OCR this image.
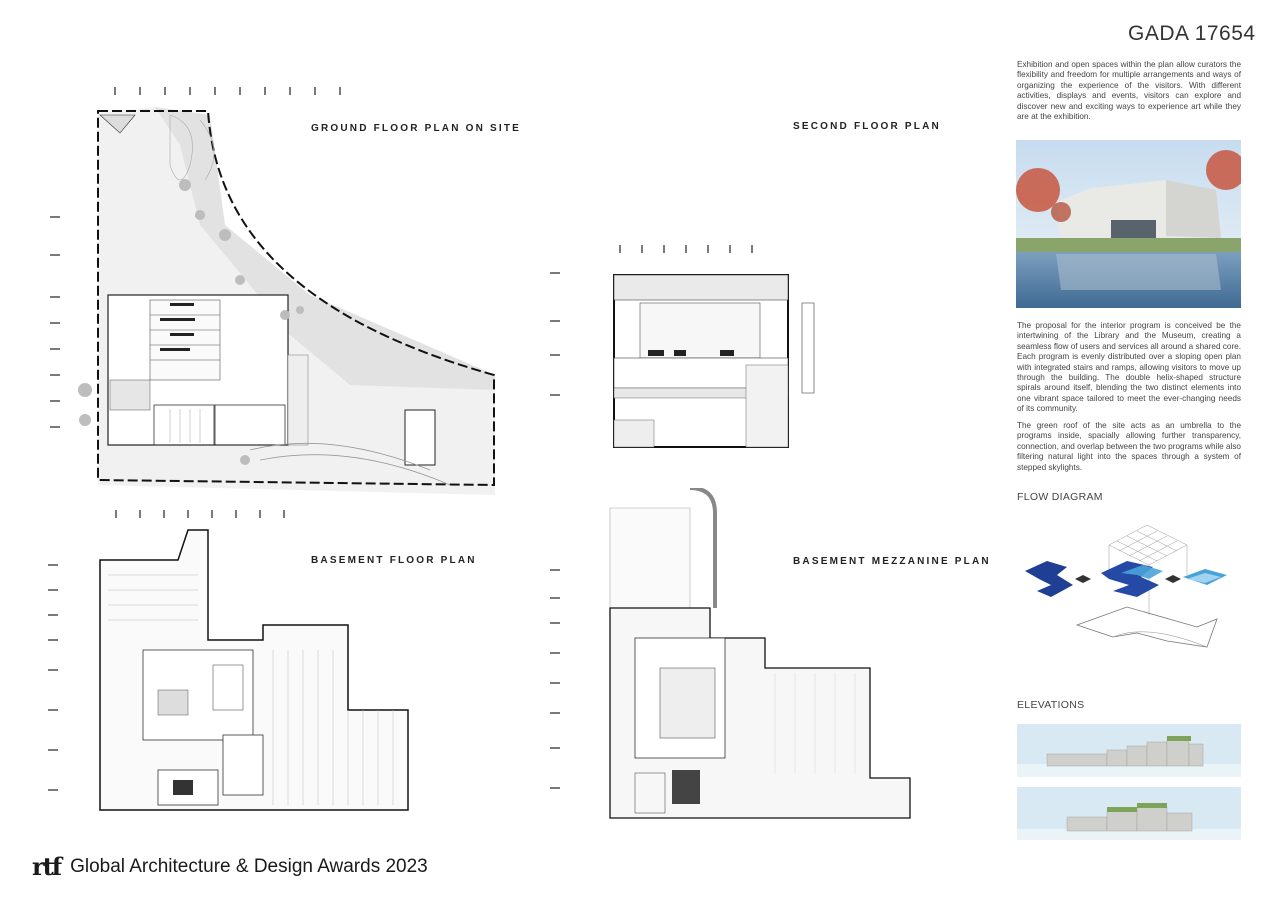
GADA 17654
Exhibition and open spaces within the plan allow curators the flexibility and freedom for multiple arrangements and ways of organizing the experience of the visitors. With different activities, displays and events, visitors can explore and discover new and exciting ways to experience art while they are at the exhibition.
The proposal for the interior program is conceived be the intertwining of the Library and the Museum, creating a seamless flow of users and services all around a shared core. Each program is evenly distributed over a sloping open plan with integrated stairs and ramps, allowing visitors to move up through the building. The double helix-shaped structure spirals around itself, blending the two distinct elements into one vibrant space tailored to meet the ever-changing needs of its community.
The green roof of the site acts as an umbrella to the programs inside, spacially allowing further transparency, connection, and overlap between the two programs while also filtering natural light into the spaces through a system of stepped skylights.
FLOW DIAGRAM
ELEVATIONS
GROUND FLOOR PLAN ON SITE	SECOND FLOOR PLAN
BASEMENT FLOOR PLAN	BASEMENT MEZZANINE PLAN
rtf Global Architecture & Design Awards 2023
